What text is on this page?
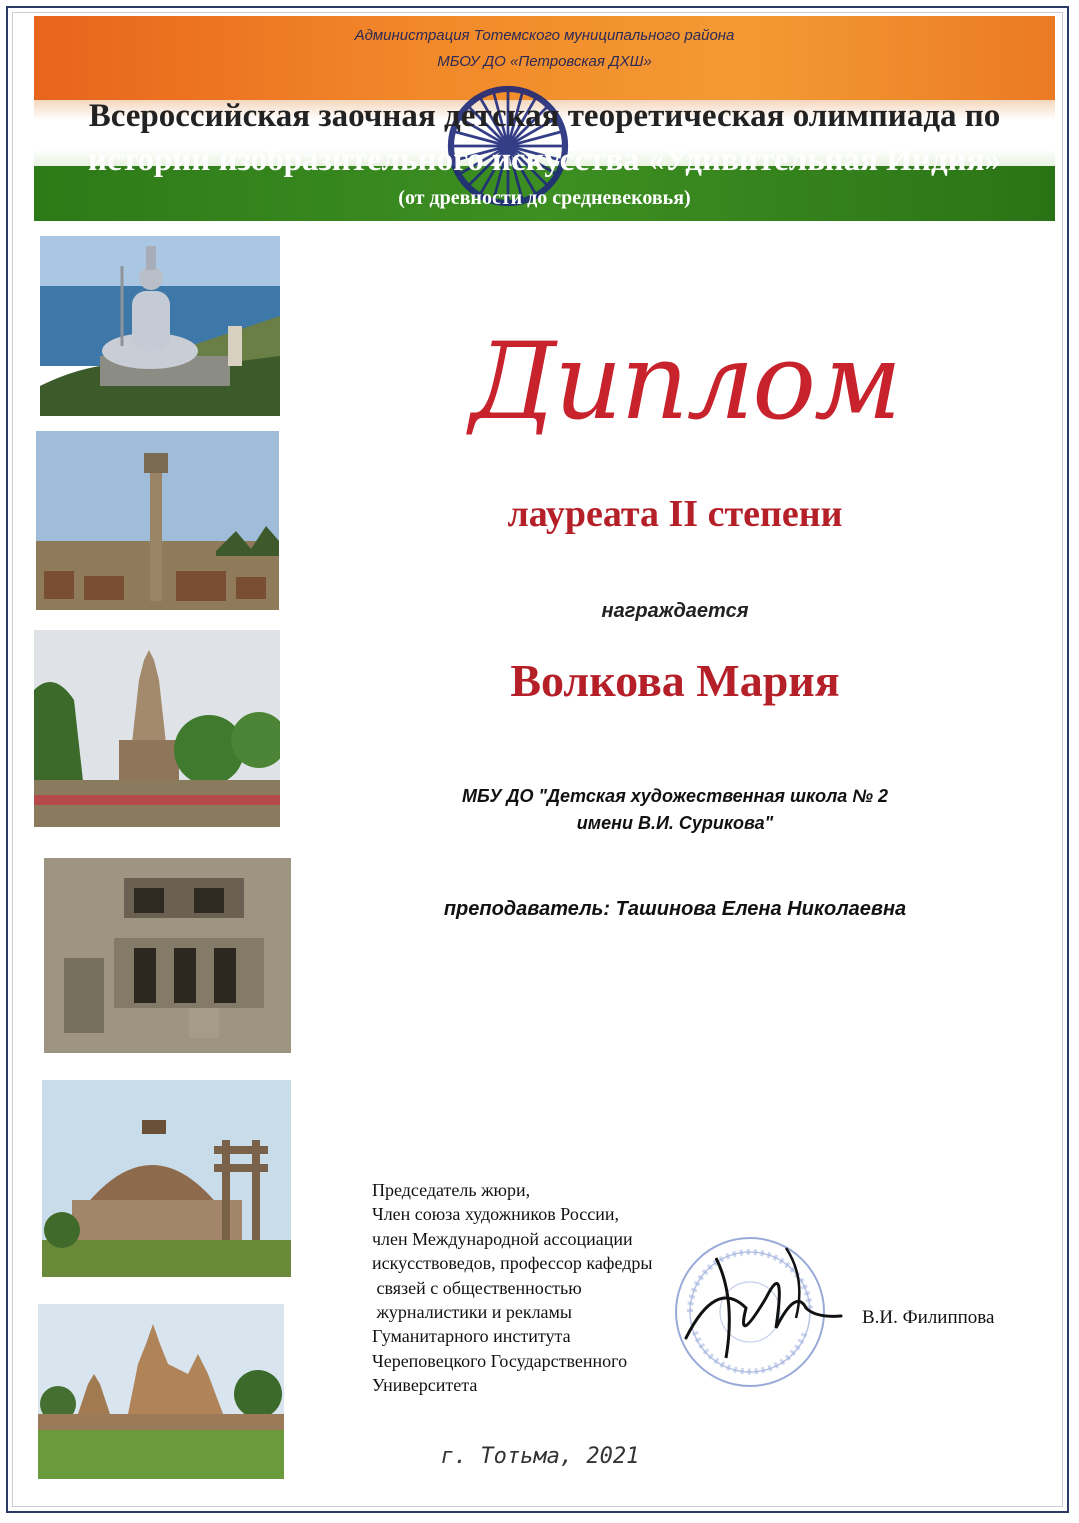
Администрация Тотемского муниципального района
МБОУ ДО «Петровская ДХШ»
Всероссийская заочная детская теоретическая олимпиада по
истории изобразительного искусства «Удивительная Индия»
(от древности до средневековья)
Диплом
лауреата II степени
награждается
Волкова Мария
МБУ ДО "Детская художественная школа № 2
имени В.И. Сурикова"
преподаватель: Ташинова Елена Николаевна
Председатель жюри,
Член союза художников России,
член Международной ассоциации
искусствоведов, профессор кафедры
связей с общественностью
журналистики и рекламы
Гуманитарного института
Череповецкого Государственного
Университета
В.И. Филиппова
г. Тотьма, 2021
